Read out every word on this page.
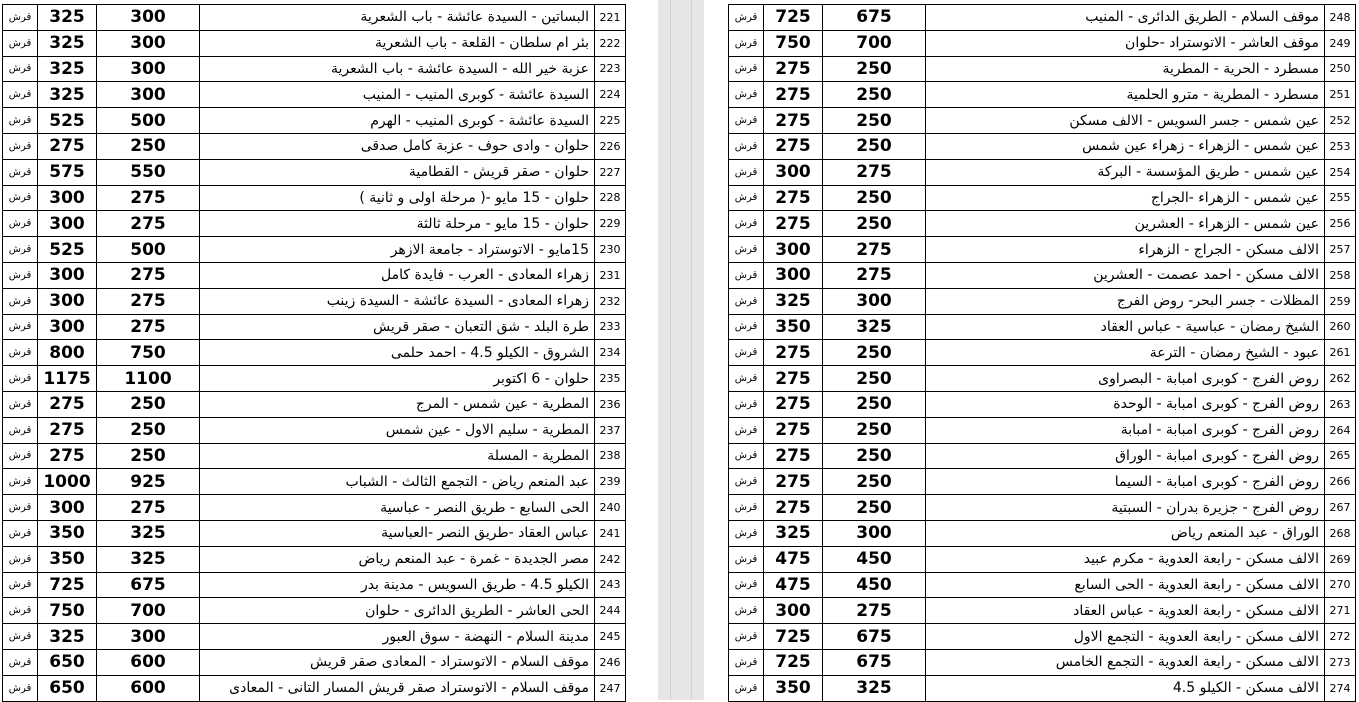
قرش	325	300	البساتين - السيدة عائشة - باب الشعرية	221
قرش	325	300	بئر ام سلطان - القلعة - باب الشعرية	222
قرش	325	300	عزبة خير الله - السيدة عائشة - باب الشعرية	223
قرش	325	300	السيدة عائشة - كوبرى المنيب - المنيب	224
قرش	525	500	السيدة عائشة - كوبرى المنيب - الهرم	225
قرش	275	250	حلوان - وادى حوف - عزبة كامل صدقى	226
قرش	575	550	حلوان - صقر قريش - القطامية	227
قرش	300	275	حلوان - 15 مايو -( مرحلة اولى و ثانية )	228
قرش	300	275	حلوان - 15 مايو - مرحلة ثالثة	229
قرش	525	500	15مايو - الاتوستراد - جامعة الازهر	230
قرش	300	275	زهراء المعادى - العرب - فايدة كامل	231
قرش	300	275	زهراء المعادى - السيدة عائشة - السيدة زينب	232
قرش	300	275	طرة البلد - شق التعبان - صقر قريش	233
قرش	800	750	الشروق - الكيلو 4.5 - احمد حلمى	234
قرش	1175	1100	حلوان - 6 اكتوبر	235
قرش	275	250	المطرية - عين شمس - المرج	236
قرش	275	250	المطرية - سليم الاول - عين شمس	237
قرش	275	250	المطرية - المسلة	238
قرش	1000	925	عبد المنعم رياض - التجمع الثالث - الشباب	239
قرش	300	275	الحى السابع - طريق النصر - عباسية	240
قرش	350	325	عباس العقاد -طريق النصر -العباسية	241
قرش	350	325	مصر الجديدة - غمرة - عبد المنعم رياض	242
قرش	725	675	الكيلو 4.5 - طريق السويس - مدينة بدر	243
قرش	750	700	الحى العاشر - الطريق الدائرى - حلوان	244
قرش	325	300	مدينة السلام - النهضة - سوق العبور	245
قرش	650	600	موقف السلام - الاتوستراد - المعادى صقر قريش	246
قرش	650	600	موقف السلام - الاتوستراد صقر قريش المسار التانى - المعادى	247
قرش	725	675	موقف السلام - الطريق الدائرى - المنيب	248
قرش	750	700	موقف العاشر - الاتوستراد -حلوان	249
قرش	275	250	مسطرد - الحرية - المطرية	250
قرش	275	250	مسطرد - المطرية - مترو الحلمية	251
قرش	275	250	عين شمس - جسر السويس - الالف مسكن	252
قرش	275	250	عين شمس - الزهراء - زهراء عين شمس	253
قرش	300	275	عين شمس - طريق المؤسسة - البركة	254
قرش	275	250	عين شمس - الزهراء -الجراج	255
قرش	275	250	عين شمس - الزهراء - العشرين	256
قرش	300	275	الالف مسكن - الجراج - الزهراء	257
قرش	300	275	الالف مسكن - احمد عصمت - العشرين	258
قرش	325	300	المظلات - جسر البحر- روض الفرج	259
قرش	350	325	الشيخ رمضان - عباسية - عباس العقاد	260
قرش	275	250	عبود - الشيخ رمضان - الترعة	261
قرش	275	250	روض الفرج - كوبرى امبابة - البصراوى	262
قرش	275	250	روض الفرج - كوبرى امبابة - الوحدة	263
قرش	275	250	روض الفرج - كوبرى امبابة - امبابة	264
قرش	275	250	روض الفرج - كوبرى امبابة - الوراق	265
قرش	275	250	روض الفرج - كوبرى امبابة - السيما	266
قرش	275	250	روض الفرج - جزيرة بدران - السبتية	267
قرش	325	300	الوراق - عبد المنعم رياض	268
قرش	475	450	الالف مسكن - رابعة العدوية - مكرم عبيد	269
قرش	475	450	الالف مسكن - رابعة العدوية - الحى السابع	270
قرش	300	275	الالف مسكن - رابعة العدوية - عباس العقاد	271
قرش	725	675	الالف مسكن - رابعة العدوية - التجمع الاول	272
قرش	725	675	الالف مسكن - رابعة العدوية - التجمع الخامس	273
قرش	350	325	الالف مسكن - الكيلو 4.5	274
